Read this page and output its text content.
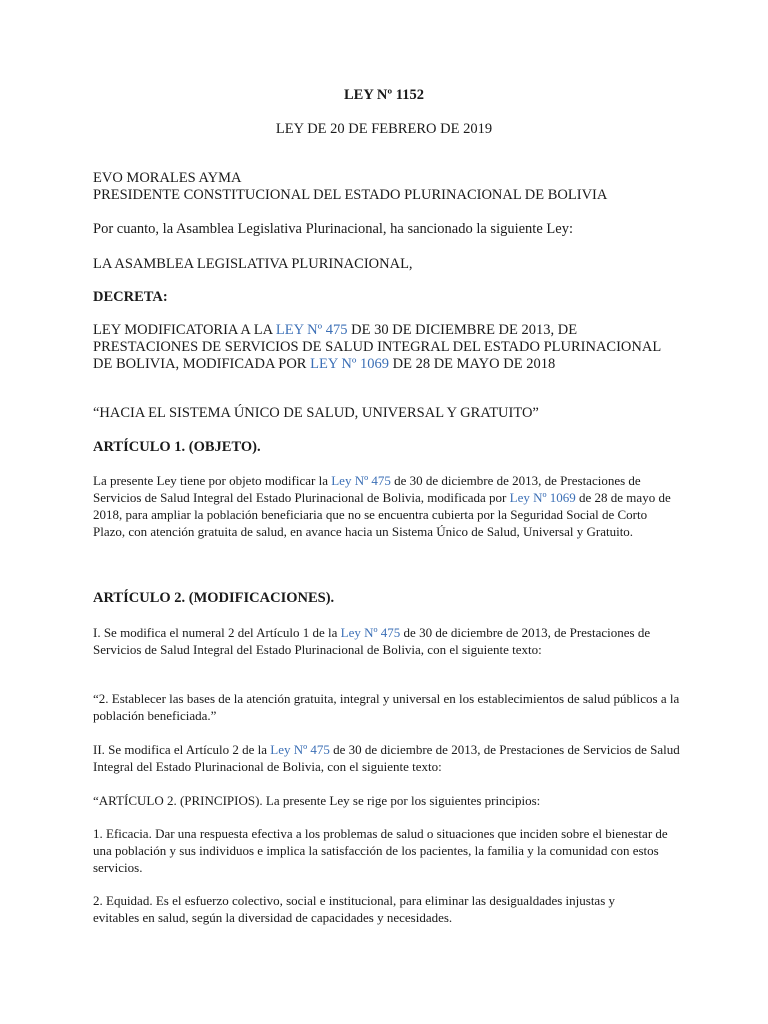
LEY Nº 1152

LEY DE 20 DE FEBRERO DE 2019

EVO MORALES AYMA

PRESIDENTE CONSTITUCIONAL DEL ESTADO PLURINACIONAL DE BOLIVIA

Por cuanto, la Asamblea Legislativa Plurinacional, ha sancionado la siguiente Ley:

LA ASAMBLEA LEGISLATIVA PLURINACIONAL,

DECRETA:

LEY MODIFICATORIA A LA LEY Nº 475 DE 30 DE DICIEMBRE DE 2013, DE PRESTACIONES DE SERVICIOS DE SALUD INTEGRAL DEL ESTADO PLURINACIONAL DE BOLIVIA, MODIFICADA POR LEY Nº 1069 DE 28 DE MAYO DE 2018

“HACIA EL SISTEMA ÚNICO DE SALUD, UNIVERSAL Y GRATUITO”

ARTÍCULO 1. (OBJETO).

La presente Ley tiene por objeto modificar la Ley Nº 475 de 30 de diciembre de 2013, de Prestaciones de Servicios de Salud Integral del Estado Plurinacional de Bolivia, modificada por Ley Nº 1069 de 28 de mayo de 2018, para ampliar la población beneficiaria que no se encuentra cubierta por la Seguridad Social de Corto Plazo, con atención gratuita de salud, en avance hacia un Sistema Único de Salud, Universal y Gratuito.

ARTÍCULO 2. (MODIFICACIONES).

I. Se modifica el numeral 2 del Artículo 1 de la Ley Nº 475 de 30 de diciembre de 2013, de Prestaciones de Servicios de Salud Integral del Estado Plurinacional de Bolivia, con el siguiente texto:

“2. Establecer las bases de la atención gratuita, integral y universal en los establecimientos de salud públicos a la población beneficiada.”

II. Se modifica el Artículo 2 de la Ley Nº 475 de 30 de diciembre de 2013, de Prestaciones de Servicios de Salud Integral del Estado Plurinacional de Bolivia, con el siguiente texto:

“ARTÍCULO 2. (PRINCIPIOS). La presente Ley se rige por los siguientes principios:

1. Eficacia. Dar una respuesta efectiva a los problemas de salud o situaciones que inciden sobre el bienestar de una población y sus individuos e implica la satisfacción de los pacientes, la familia y la comunidad con estos servicios.

2. Equidad. Es el esfuerzo colectivo, social e institucional, para eliminar las desigualdades injustas y evitables en salud, según la diversidad de capacidades y necesidades.
